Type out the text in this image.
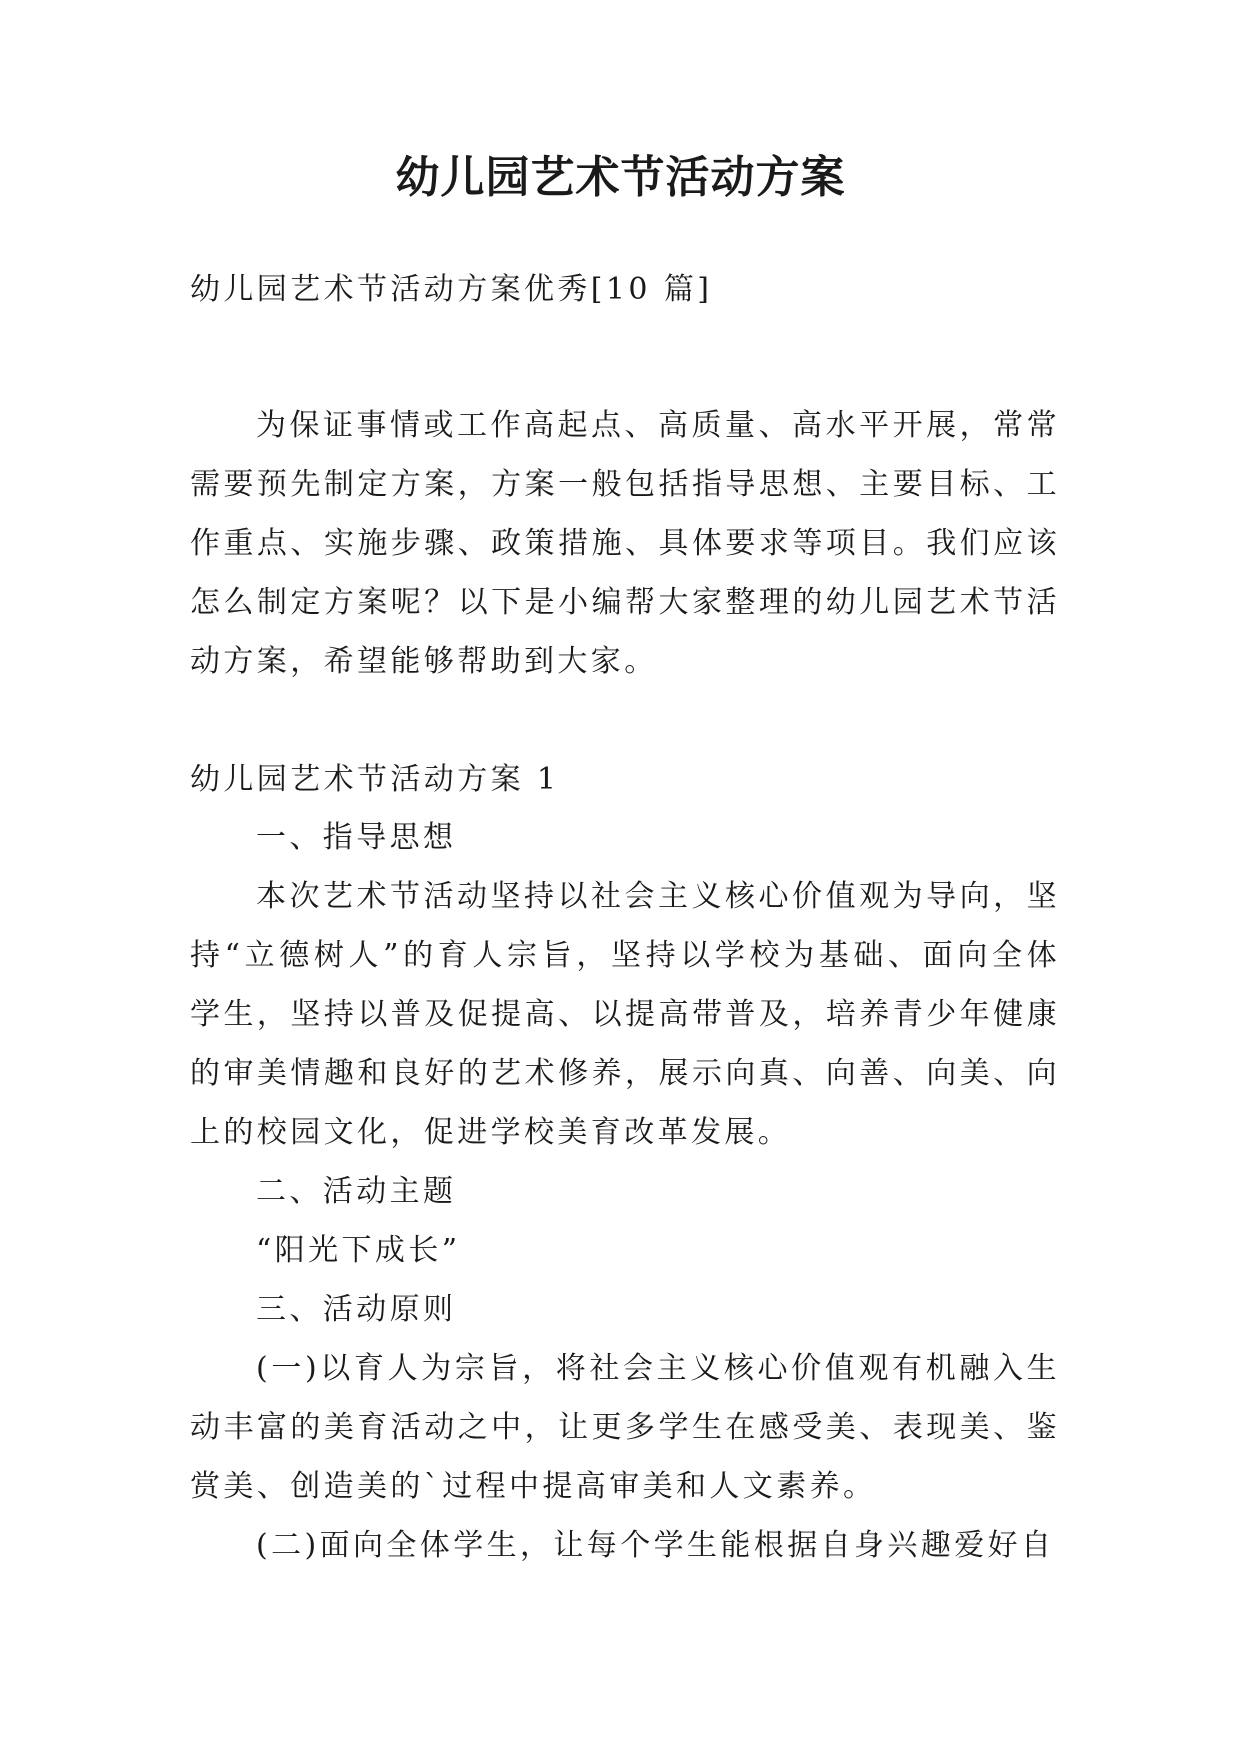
幼儿园艺术节活动方案

幼儿园艺术节活动方案优秀[10 篇]

为保证事情或工作高起点、高质量、高水平开展，常常需要预先制定方案，方案一般包括指导思想、主要目标、工作重点、实施步骤、政策措施、具体要求等项目。我们应该怎么制定方案呢？以下是小编帮大家整理的幼儿园艺术节活动方案，希望能够帮助到大家。

幼儿园艺术节活动方案 1

一、指导思想

本次艺术节活动坚持以社会主义核心价值观为导向，坚持“立德树人”的育人宗旨，坚持以学校为基础、面向全体学生，坚持以普及促提高、以提高带普及，培养青少年健康的审美情趣和良好的艺术修养，展示向真、向善、向美、向上的校园文化，促进学校美育改革发展。

二、活动主题

“阳光下成长”

三、活动原则

(一)以育人为宗旨，将社会主义核心价值观有机融入生动丰富的美育活动之中，让更多学生在感受美、表现美、鉴赏美、创造美的`过程中提高审美和人文素养。

(二)面向全体学生，让每个学生能根据自身兴趣爱好自
